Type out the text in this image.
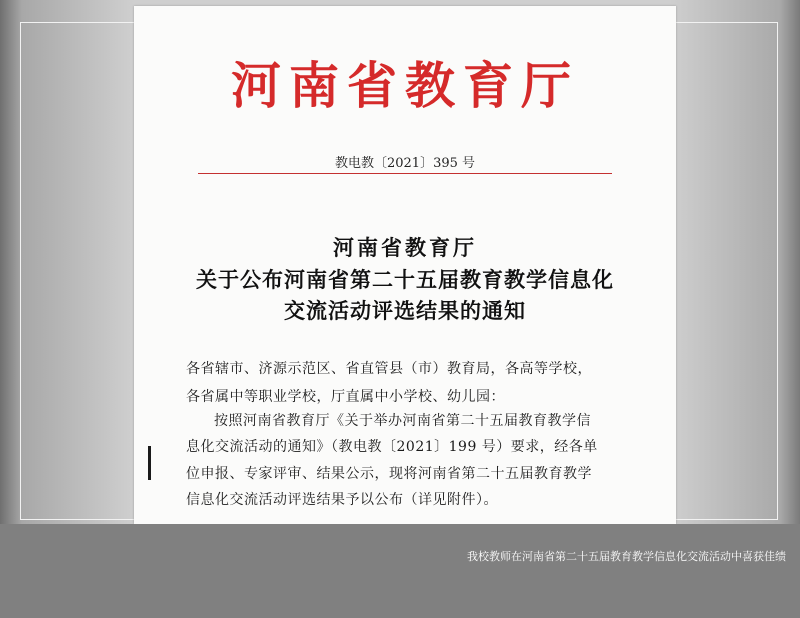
河南省教育厅
教电教〔2021〕395 号
河南省教育厅
关于公布河南省第二十五届教育教学信息化
交流活动评选结果的通知
各省辖市、济源示范区、省直管县（市）教育局，各高等学校，
各省属中等职业学校，厅直属中小学校、幼儿园：
按照河南省教育厅《关于举办河南省第二十五届教育教学信
息化交流活动的通知》（教电教〔2021〕199 号）要求，经各单
位申报、专家评审、结果公示，现将河南省第二十五届教育教学
信息化交流活动评选结果予以公布（详见附件）。
我校教师在河南省第二十五届教育教学信息化交流活动中喜获佳绩
